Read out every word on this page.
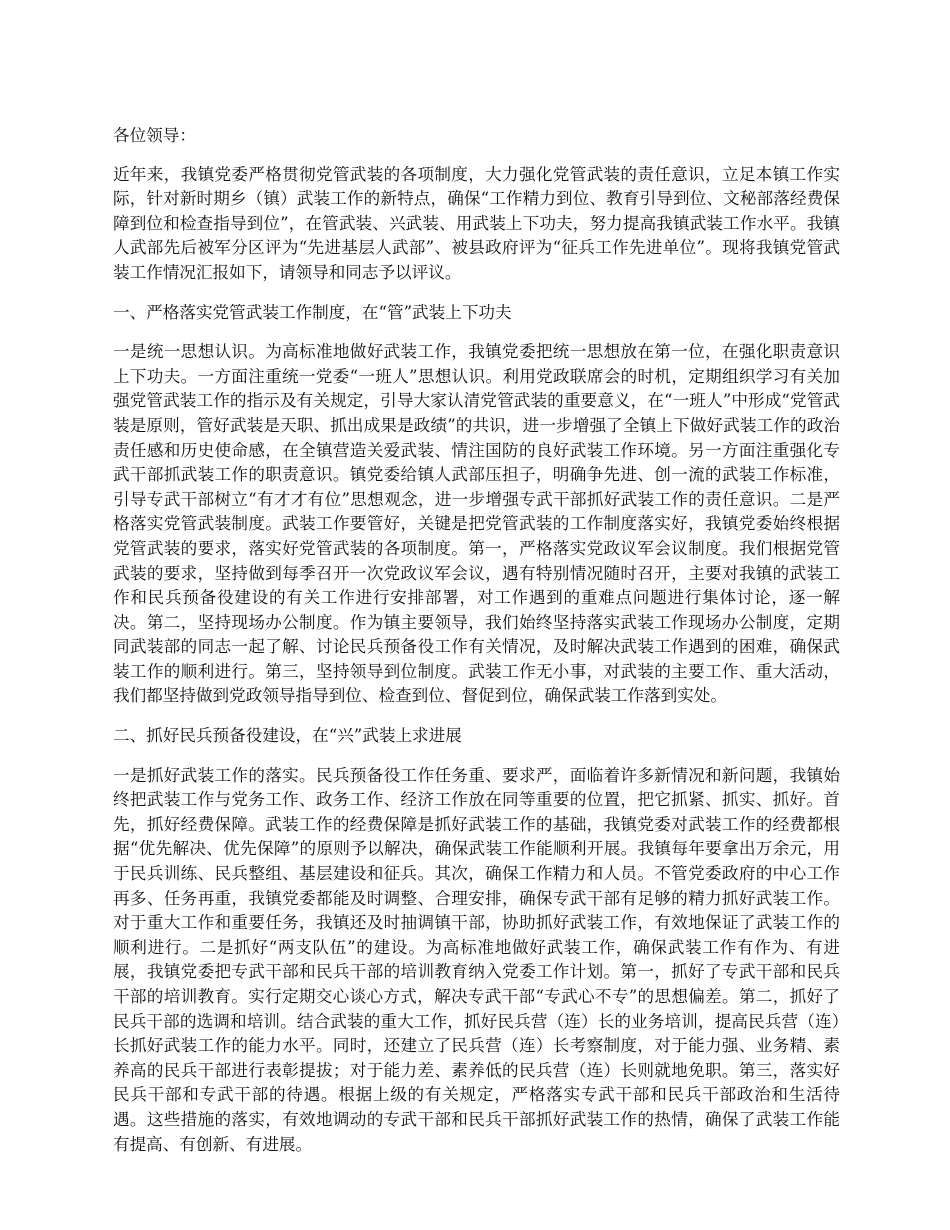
各位领导：

近年来，我镇党委严格贯彻党管武装的各项制度，大力强化党管武装的责任意识，立足本镇工作实际，针对新时期乡（镇）武装工作的新特点，确保“工作精力到位、教育引导到位、文秘部落经费保障到位和检查指导到位”，在管武装、兴武装、用武装上下功夫，努力提高我镇武装工作水平。我镇人武部先后被军分区评为“先进基层人武部”、被县政府评为“征兵工作先进单位”。现将我镇党管武装工作情况汇报如下，请领导和同志予以评议。

一、严格落实党管武装工作制度，在“管”武装上下功夫

一是统一思想认识。为高标准地做好武装工作，我镇党委把统一思想放在第一位，在强化职责意识上下功夫。一方面注重统一党委“一班人”思想认识。利用党政联席会的时机，定期组织学习有关加强党管武装工作的指示及有关规定，引导大家认清党管武装的重要意义，在“一班人”中形成“党管武装是原则，管好武装是天职、抓出成果是政绩”的共识，进一步增强了全镇上下做好武装工作的政治责任感和历史使命感，在全镇营造关爱武装、情注国防的良好武装工作环境。另一方面注重强化专武干部抓武装工作的职责意识。镇党委给镇人武部压担子，明确争先进、创一流的武装工作标准，引导专武干部树立“有才才有位”思想观念，进一步增强专武干部抓好武装工作的责任意识。二是严格落实党管武装制度。武装工作要管好，关键是把党管武装的工作制度落实好，我镇党委始终根据党管武装的要求，落实好党管武装的各项制度。第一，严格落实党政议军会议制度。我们根据党管武装的要求，坚持做到每季召开一次党政议军会议，遇有特别情况随时召开，主要对我镇的武装工作和民兵预备役建设的有关工作进行安排部署，对工作遇到的重难点问题进行集体讨论，逐一解决。第二，坚持现场办公制度。作为镇主要领导，我们始终坚持落实武装工作现场办公制度，定期同武装部的同志一起了解、讨论民兵预备役工作有关情况，及时解决武装工作遇到的困难，确保武装工作的顺利进行。第三，坚持领导到位制度。武装工作无小事，对武装的主要工作、重大活动，我们都坚持做到党政领导指导到位、检查到位、督促到位，确保武装工作落到实处。

二、抓好民兵预备役建设，在“兴”武装上求进展

一是抓好武装工作的落实。民兵预备役工作任务重、要求严，面临着许多新情况和新问题，我镇始终把武装工作与党务工作、政务工作、经济工作放在同等重要的位置，把它抓紧、抓实、抓好。首先，抓好经费保障。武装工作的经费保障是抓好武装工作的基础，我镇党委对武装工作的经费都根据“优先解决、优先保障”的原则予以解决，确保武装工作能顺利开展。我镇每年要拿出万余元，用于民兵训练、民兵整组、基层建设和征兵。其次，确保工作精力和人员。不管党委政府的中心工作再多、任务再重，我镇党委都能及时调整、合理安排，确保专武干部有足够的精力抓好武装工作。对于重大工作和重要任务，我镇还及时抽调镇干部，协助抓好武装工作，有效地保证了武装工作的顺利进行。二是抓好“两支队伍”的建设。为高标准地做好武装工作，确保武装工作有作为、有进展，我镇党委把专武干部和民兵干部的培训教育纳入党委工作计划。第一，抓好了专武干部和民兵干部的培训教育。实行定期交心谈心方式，解决专武干部“专武心不专”的思想偏差。第二，抓好了民兵干部的选调和培训。结合武装的重大工作，抓好民兵营（连）长的业务培训，提高民兵营（连）长抓好武装工作的能力水平。同时，还建立了民兵营（连）长考察制度，对于能力强、业务精、素养高的民兵干部进行表彰提拔；对于能力差、素养低的民兵营（连）长则就地免职。第三，落实好民兵干部和专武干部的待遇。根据上级的有关规定，严格落实专武干部和民兵干部政治和生活待遇。这些措施的落实，有效地调动的专武干部和民兵干部抓好武装工作的热情，确保了武装工作能有提高、有创新、有进展。
